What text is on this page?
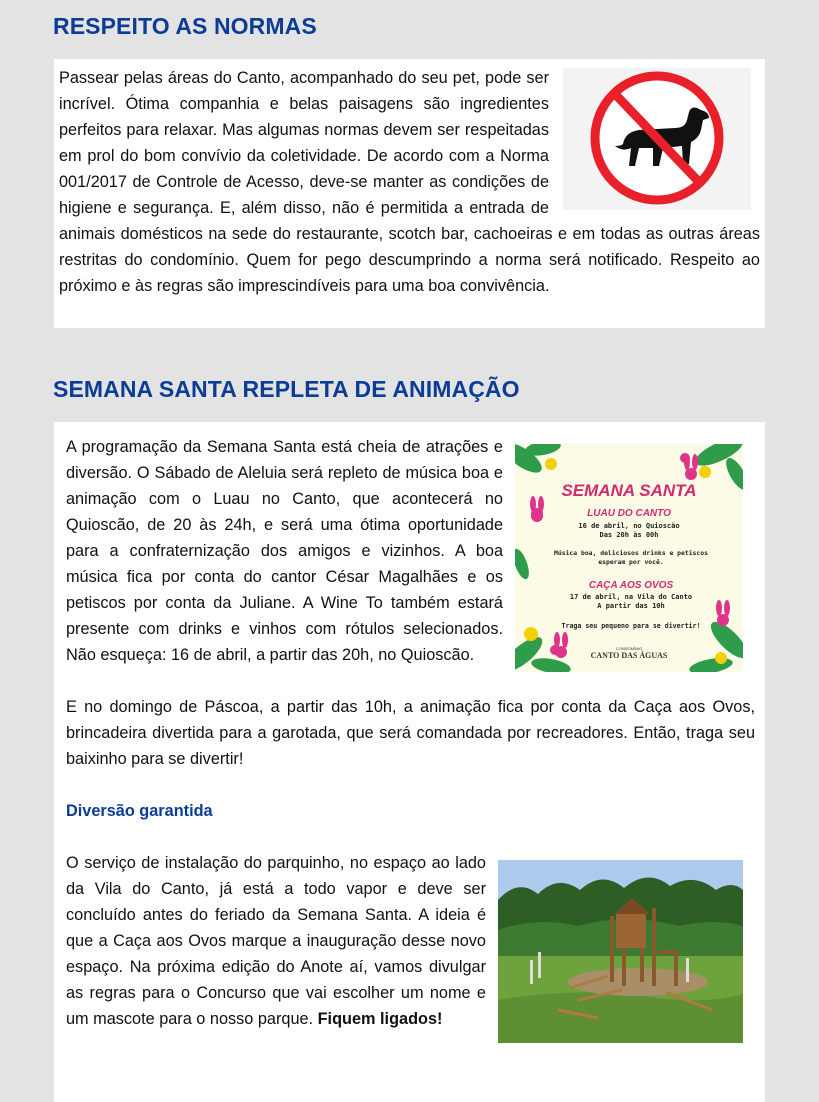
RESPEITO AS NORMAS

Passear pelas áreas do Canto, acompanhado do seu pet, pode ser incrível. Ótima companhia e belas paisagens são ingredientes perfeitos para relaxar. Mas algumas normas devem ser respeitadas em prol do bom convívio da coletividade. De acordo com a Norma 001/2017 de Controle de Acesso, deve-se manter as condições de higiene e segurança. E, além disso, não é permitida a entrada de animais domésticos na sede do restaurante, scotch bar, cachoeiras e em todas as outras áreas restritas do condomínio. Quem for pego descumprindo a norma será notificado. Respeito ao próximo e às regras são imprescindíveis para uma boa convivência.

SEMANA SANTA REPLETA DE ANIMAÇÃO
SEMANA SANTA
LUAU DO CANTO
16 de abril, no Quioscão
Das 20h às 00h
Música boa, deliciosos drinks e petiscos
esperam por você.
CAÇA AOS OVOS
17 de abril, na Vila do Canto
A partir das 10h
Traga seu pequeno para se divertir!
CONDOMÍNIO
CANTO DAS ÁGUAS

A programação da Semana Santa está cheia de atrações e diversão. O Sábado de Aleluia será repleto de música boa e animação com o Luau no Canto, que acontecerá no Quioscão, de 20 às 24h, e será uma ótima oportunidade para a confraternização dos amigos e vizinhos. A boa música fica por conta do cantor César Magalhães e os petiscos por conta da Juliane. A Wine To também estará presente com drinks e vinhos com rótulos selecionados. Não esqueça: 16 de abril, a partir das 20h, no Quioscão.

E no domingo de Páscoa, a partir das 10h, a animação fica por conta da Caça aos Ovos, brincadeira divertida para a garotada, que será comandada por recreadores. Então, traga seu baixinho para se divertir!

Diversão garantida

O serviço de instalação do parquinho, no espaço ao lado da Vila do Canto, já está a todo vapor e deve ser concluído antes do feriado da Semana Santa. A ideia é que a Caça aos Ovos marque a inauguração desse novo espaço. Na próxima edição do Anote aí, vamos divulgar as regras para o Concurso que vai escolher um nome e um mascote para o nosso parque. Fiquem ligados!
